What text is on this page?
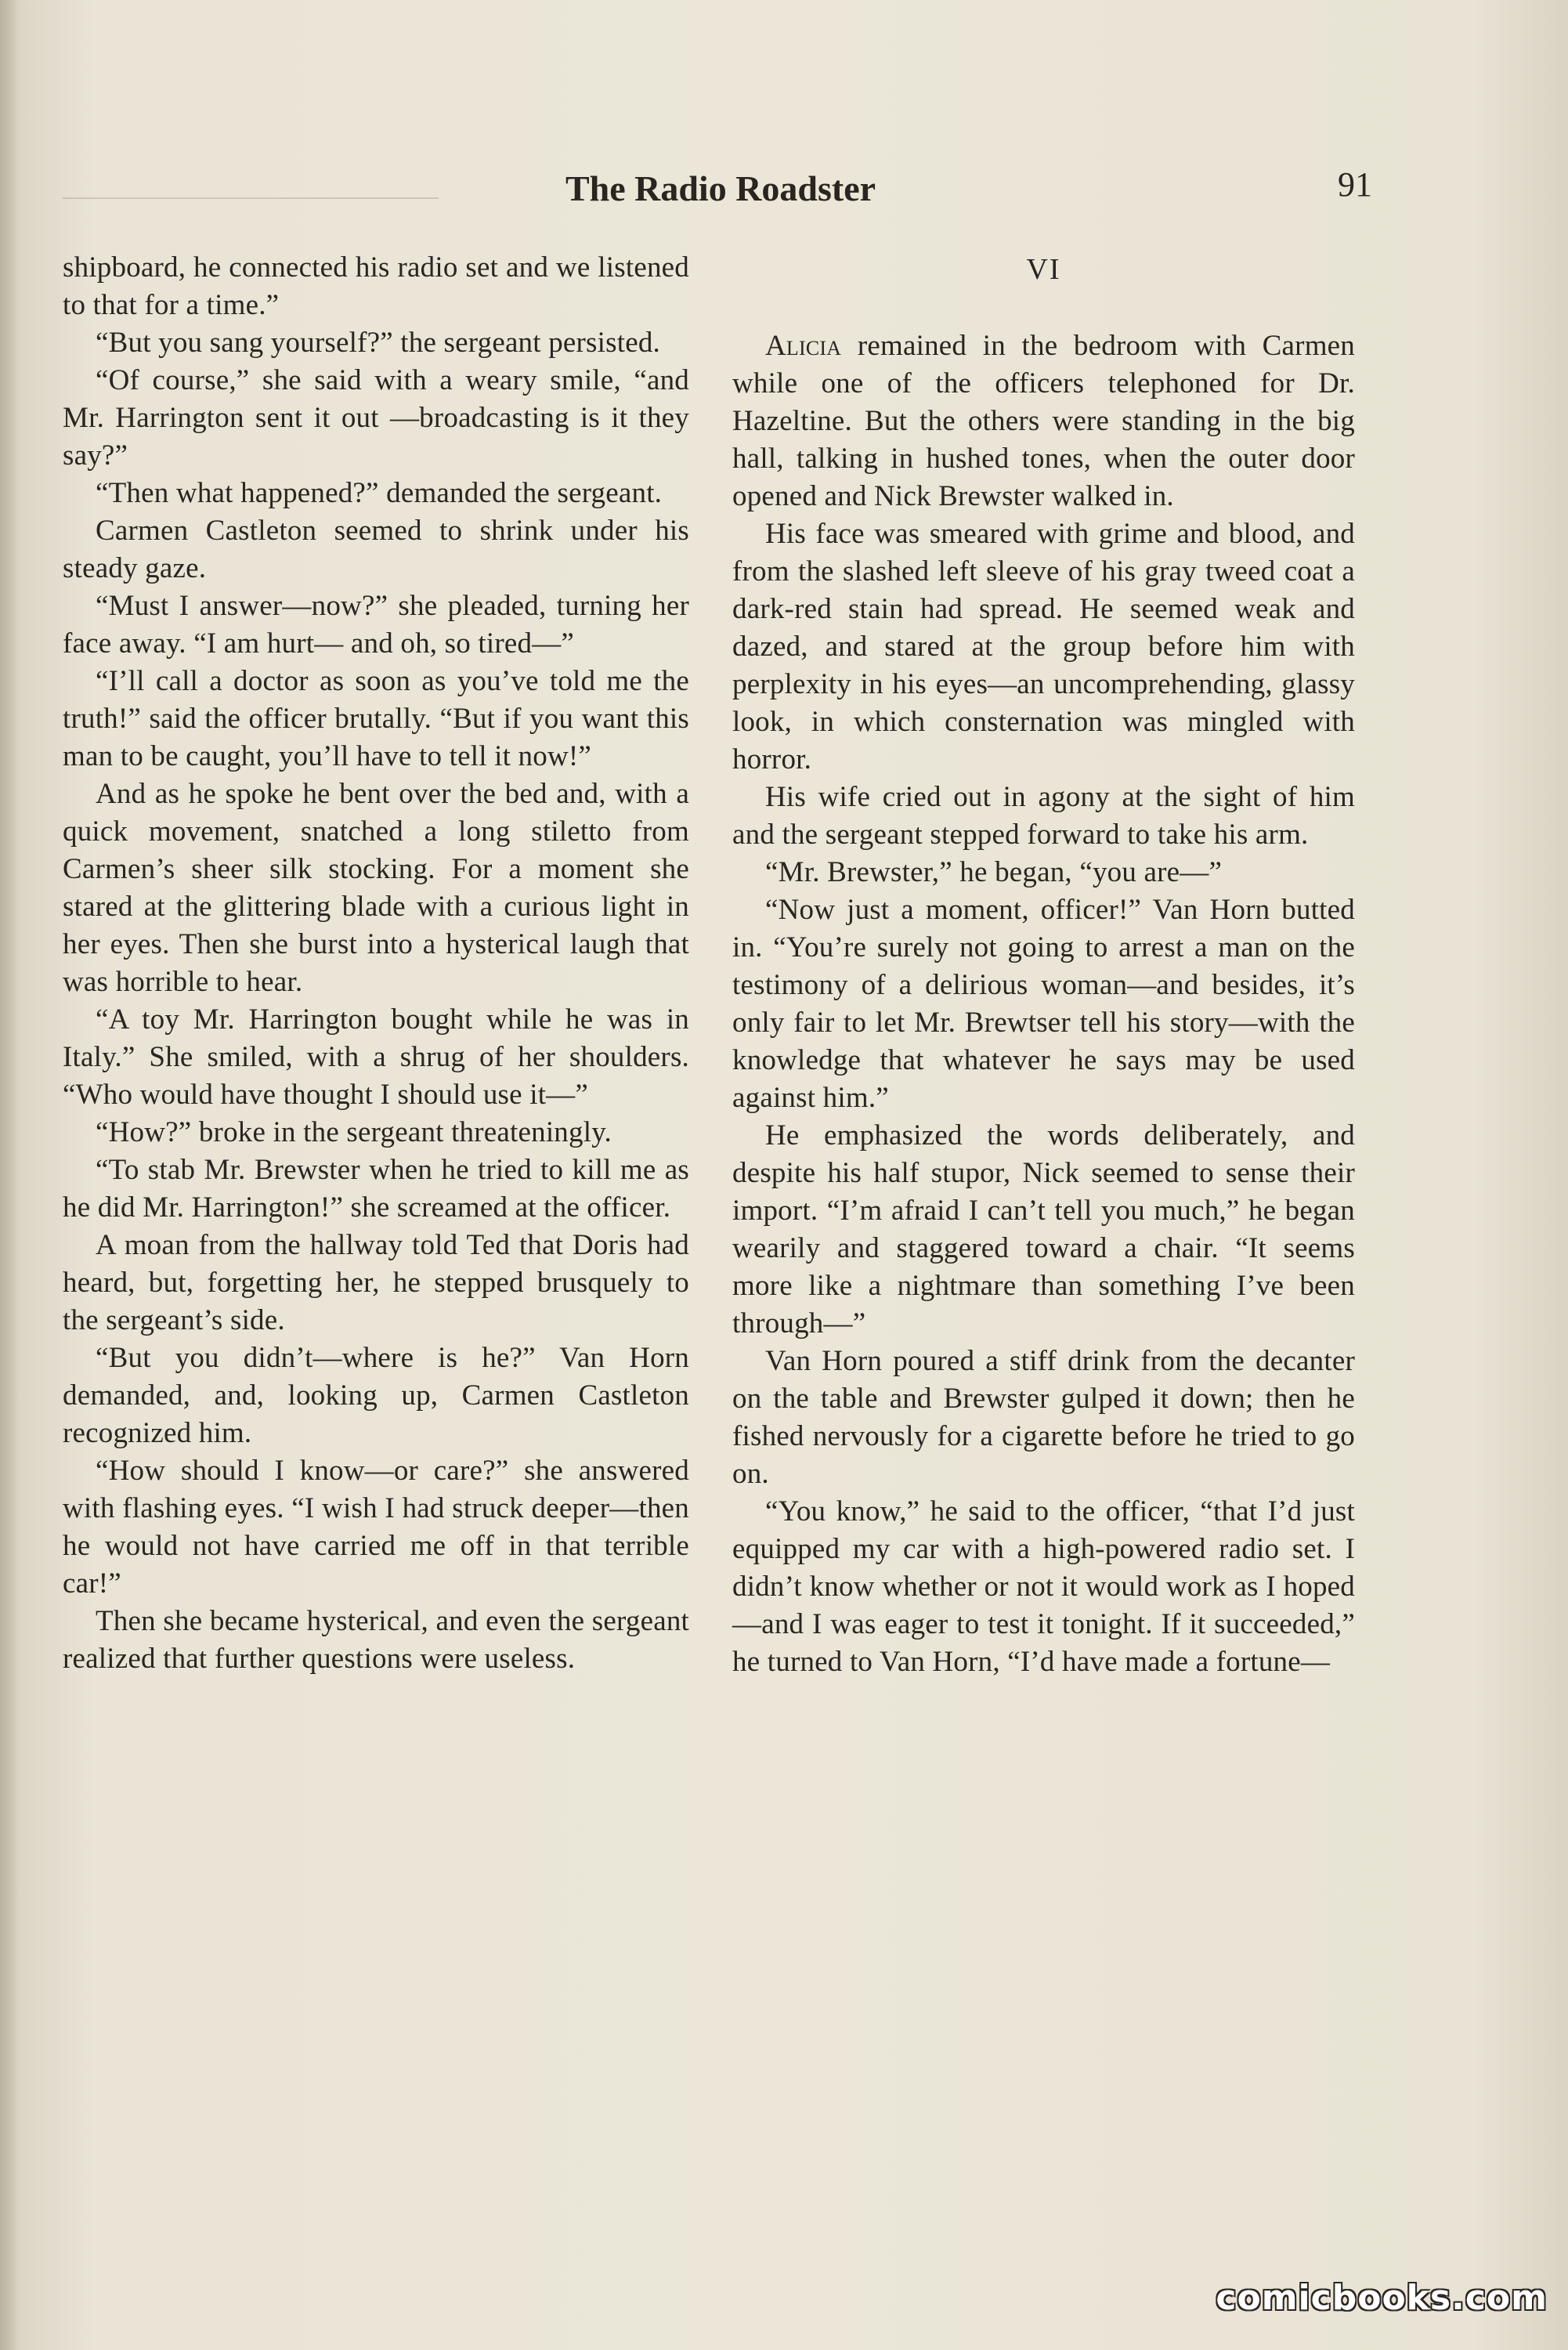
The Radio Roadster	91

shipboard, he connected his radio set and we listened to that for a time.”

“But you sang yourself?” the sergeant persisted.

“Of course,” she said with a weary smile, “and Mr. Harrington sent it out —broadcasting is it they say?”

“Then what happened?” demanded the sergeant.

Carmen Castleton seemed to shrink under his steady gaze.

“Must I answer—now?” she pleaded, turning her face away. “I am hurt— and oh, so tired—”

“I’ll call a doctor as soon as you’ve told me the truth!” said the officer brutally. “But if you want this man to be caught, you’ll have to tell it now!”

And as he spoke he bent over the bed and, with a quick movement, snatched a long stiletto from Carmen’s sheer silk stocking. For a moment she stared at the glittering blade with a curious light in her eyes. Then she burst into a hysterical laugh that was horrible to hear.

“A toy Mr. Harrington bought while he was in Italy.” She smiled, with a shrug of her shoulders. “Who would have thought I should use it—”

“How?” broke in the sergeant threateningly.

“To stab Mr. Brewster when he tried to kill me as he did Mr. Harrington!” she screamed at the officer.

A moan from the hallway told Ted that Doris had heard, but, forgetting her, he stepped brusquely to the sergeant’s side.

“But you didn’t—where is he?” Van Horn demanded, and, looking up, Carmen Castleton recognized him.

“How should I know—or care?” she answered with flashing eyes. “I wish I had struck deeper—then he would not have carried me off in that terrible car!”

Then she became hysterical, and even the sergeant realized that further questions were useless.

VI

Alicia remained in the bedroom with Carmen while one of the officers telephoned for Dr. Hazeltine. But the others were standing in the big hall, talking in hushed tones, when the outer door opened and Nick Brewster walked in.

His face was smeared with grime and blood, and from the slashed left sleeve of his gray tweed coat a dark-red stain had spread. He seemed weak and dazed, and stared at the group before him with perplexity in his eyes—an uncomprehending, glassy look, in which consternation was mingled with horror.

His wife cried out in agony at the sight of him and the sergeant stepped forward to take his arm.

“Mr. Brewster,” he began, “you are—”

“Now just a moment, officer!” Van Horn butted in. “You’re surely not going to arrest a man on the testimony of a delirious woman—and besides, it’s only fair to let Mr. Brewtser tell his story—with the knowledge that whatever he says may be used against him.”

He emphasized the words deliberately, and despite his half stupor, Nick seemed to sense their import. “I’m afraid I can’t tell you much,” he began wearily and staggered toward a chair. “It seems more like a nightmare than something I’ve been through—”

Van Horn poured a stiff drink from the decanter on the table and Brewster gulped it down; then he fished nervously for a cigarette before he tried to go on.

“You know,” he said to the officer, “that I’d just equipped my car with a high-powered radio set. I didn’t know whether or not it would work as I hoped—and I was eager to test it tonight. If it succeeded,” he turned to Van Horn, “I’d have made a fortune—

comicbooks.com
